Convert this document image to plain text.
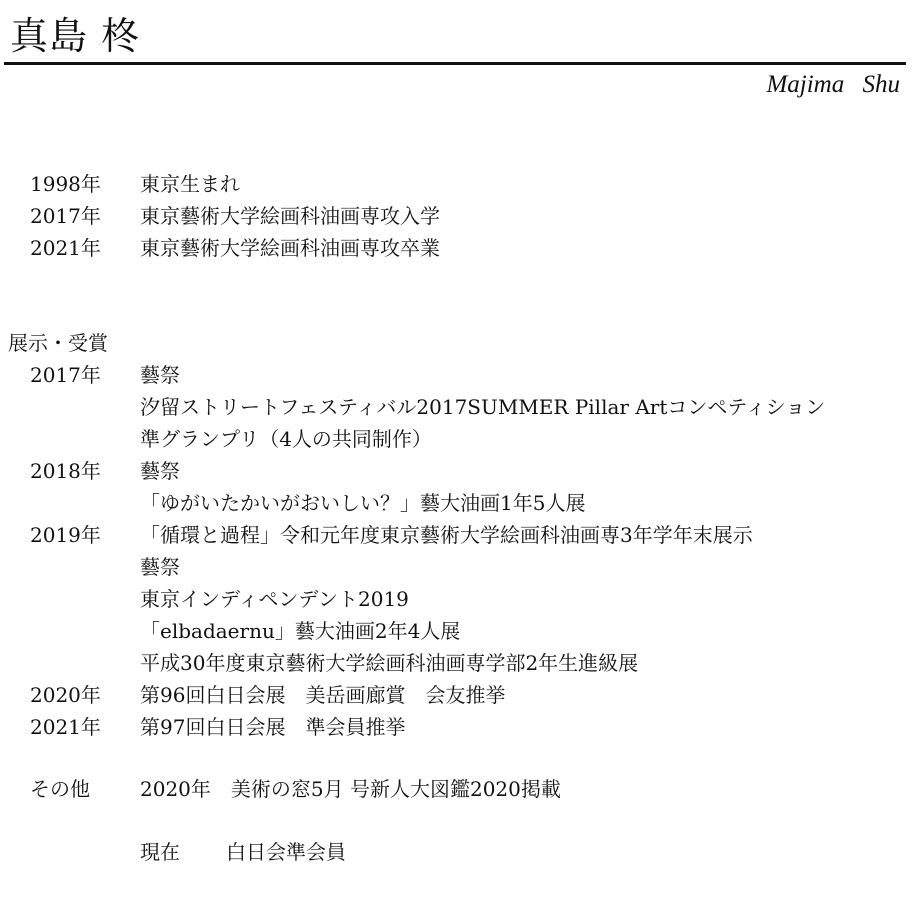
真島 柊
Majima Shu
1998年	東京生まれ
2017年	東京藝術大学絵画科油画専攻入学
2021年	東京藝術大学絵画科油画専攻卒業
展示・受賞
2017年	藝祭
汐留ストリートフェスティバル2017SUMMER Pillar Artコンペティション
準グランプリ（4人の共同制作）
2018年	藝祭
「ゆがいたかいがおいしい？」藝大油画1年5人展
2019年	「循環と過程」令和元年度東京藝術大学絵画科油画専3年学年末展示
藝祭
東京インディペンデント2019
「elbadaernu」藝大油画2年4人展
平成30年度東京藝術大学絵画科油画専学部2年生進級展
2020年	第96回白日会展　美岳画廊賞　会友推挙
2021年	第97回白日会展　準会員推挙
その他	2020年　美術の窓5月 号新人大図鑑2020掲載
現在 白日会準会員
